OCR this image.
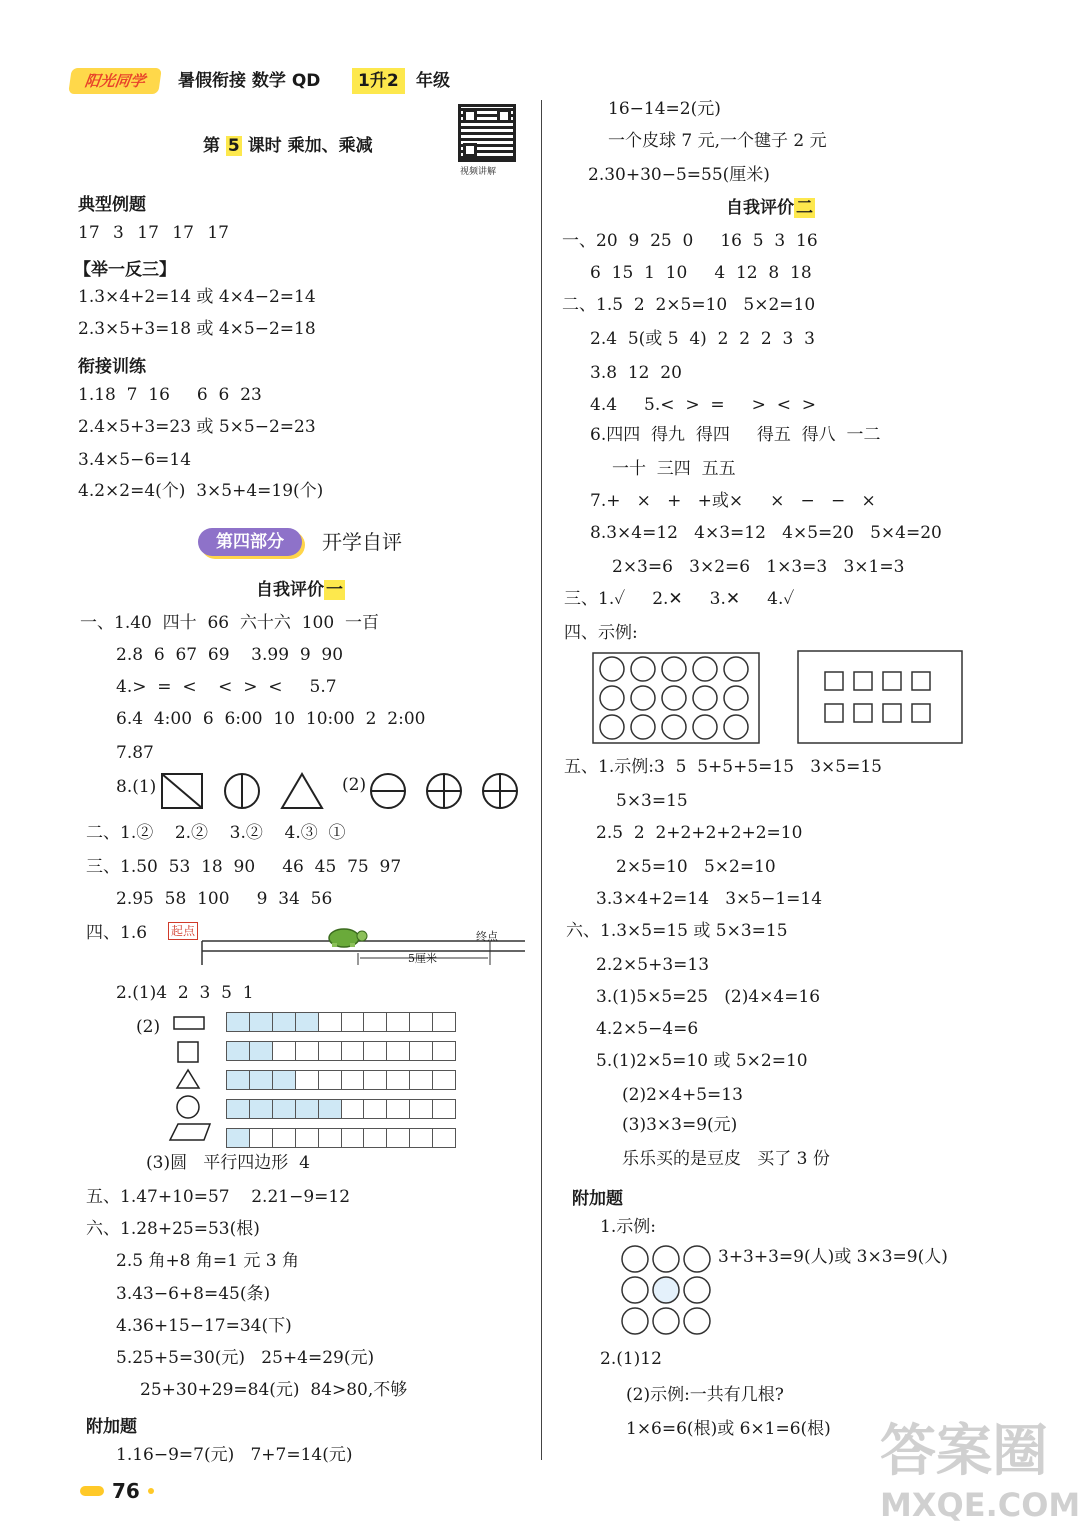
阳光同学	暑假衔接 数学 QD	1升2	年级
视频讲解
第 5 课时 乘加、乘减
典型例题
17 3 17 17 17
【举一反三】
1.3×4+2=14 或 4×4−2=14
2.3×5+3=18 或 4×5−2=18
衔接训练
1.18  7  16     6  6  23
2.4×5+3=23 或 5×5−2=23
3.4×5−6=14
4.2×2=4(个)  3×5+4=19(个)
第四部分	开学自评
自我评价 一
一、1.40  四十  66  六十六  100  一百
2.8  6  67  69    3.99  9  90
4.>  =  <    <  >  <     5.7
6.4  4:00  6  6:00  10  10:00  2  2:00
7.87
8.(1)	(2)
二、1.②    2.②    3.②    4.③  ①
三、1.50  53  18  90     46  45  75  97
2.95  58  100     9  34  56
四、1.6 起点	终点
5厘米
2.(1)4  2  3  5  1
(2)
(3)圆   平行四边形  4
五、1.47+10=57    2.21−9=12
六、1.28+25=53(根)
2.5 角+8 角=1 元 3 角
3.43−6+8=45(条)
4.36+15−17=34(下)
5.25+5=30(元)   25+4=29(元)
25+30+29=84(元)  84>80,不够
附加题
1.16−9=7(元)   7+7=14(元)
16−14=2(元)
一个皮球 7 元,一个毽子 2 元
2.30+30−5=55(厘米)
自我评价 二
一、20  9  25  0     16  5  3  16
6  15  1  10     4  12  8  18
二、1.5  2  2×5=10   5×2=10
2.4  5(或 5  4)  2  2  2  3  3
3.8  12  20
4.4     5.<  >  =     >  <  >
6.四四  得九  得四     得五  得八  一二
一十  三四  五五
7.+   ×   +   +或×     ×   −   −   ×
8.3×4=12   4×3=12   4×5=20   5×4=20
2×3=6   3×2=6   1×3=3   3×1=3
三、1.✓     2.✕     3.✕     4.✓
四、示例:
五、1.示例:3  5  5+5+5=15   3×5=15
5×3=15
2.5  2  2+2+2+2+2=10
2×5=10   5×2=10
3.3×4+2=14   3×5−1=14
六、1.3×5=15 或 5×3=15
2.2×5+3=13
3.(1)5×5=25   (2)4×4=16
4.2×5−4=6
5.(1)2×5=10 或 5×2=10
(2)2×4+5=13
(3)3×3=9(元)
乐乐买的是豆皮   买了 3 份
附加题
1.示例:
3+3+3=9(人)或 3×3=9(人)
2.(1)12
(2)示例:一共有几根?
1×6=6(根)或 6×1=6(根)
76
答案圈
MXQE.COM
